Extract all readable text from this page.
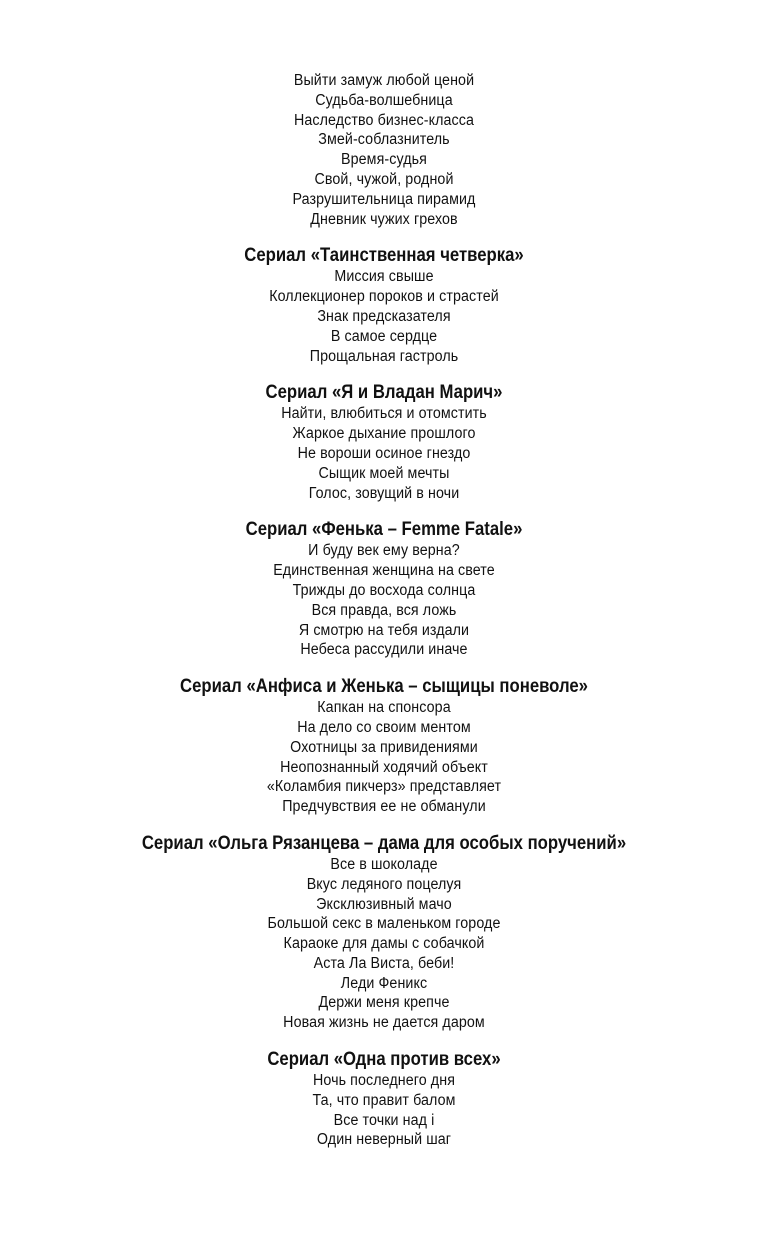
Выйти замуж любой ценой
Судьба-волшебница
Наследство бизнес-класса
Змей-соблазнитель
Время-судья
Свой, чужой, родной
Разрушительница пирамид
Дневник чужих грехов
Сериал «Таинственная четверка»
Миссия свыше
Коллекционер пороков и страстей
Знак предсказателя
В самое сердце
Прощальная гастроль
Сериал «Я и Владан Марич»
Найти, влюбиться и отомстить
Жаркое дыхание прошлого
Не вороши осиное гнездо
Сыщик моей мечты
Голос, зовущий в ночи
Сериал «Фенька – Femme Fatale»
И буду век ему верна?
Единственная женщина на свете
Трижды до восхода солнца
Вся правда, вся ложь
Я смотрю на тебя издали
Небеса рассудили иначе
Сериал «Анфиса и Женька – сыщицы поневоле»
Капкан на спонсора
На дело со своим ментом
Охотницы за привидениями
Неопознанный ходячий объект
«Коламбия пикчерз» представляет
Предчувствия ее не обманули
Сериал «Ольга Рязанцева – дама для особых поручений»
Все в шоколаде
Вкус ледяного поцелуя
Эксклюзивный мачо
Большой секс в маленьком городе
Караоке для дамы с собачкой
Аста Ла Виста, беби!
Леди Феникс
Держи меня крепче
Новая жизнь не дается даром
Сериал «Одна против всех»
Ночь последнего дня
Та, что правит балом
Все точки над i
Один неверный шаг
